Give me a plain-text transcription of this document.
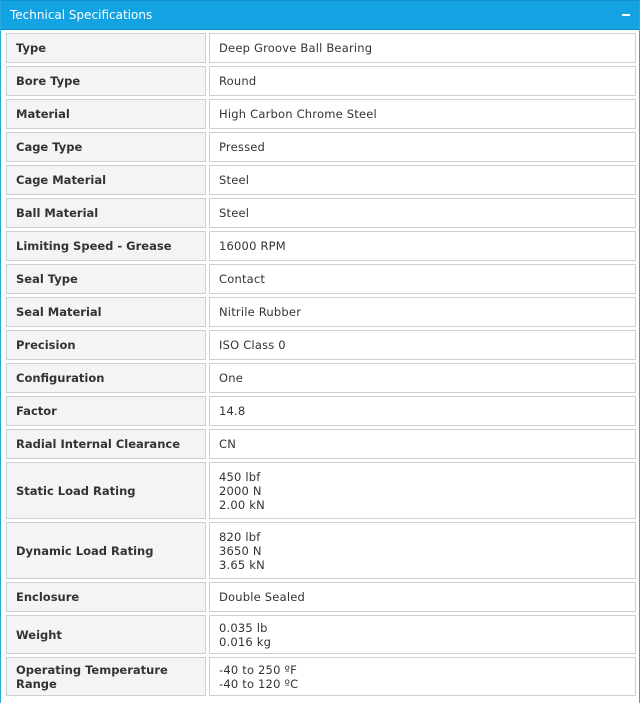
Technical Specifications
Type	Deep Groove Ball Bearing

Bore Type	Round

Material	High Carbon Chrome Steel

Cage Type	Pressed

Cage Material	Steel

Ball Material	Steel

Limiting Speed - Grease	16000 RPM

Seal Type	Contact

Seal Material	Nitrile Rubber

Precision	ISO Class 0

Configuration	One

Factor	14.8

Radial Internal Clearance	CN

Static Load Rating	450 lbf
2000 N
2.00 kN

Dynamic Load Rating	820 lbf
3650 N
3.65 kN

Enclosure	Double Sealed

Weight	0.035 lb
0.016 kg

Operating Temperature Range	-40 to 250 ºF
-40 to 120 ºC
